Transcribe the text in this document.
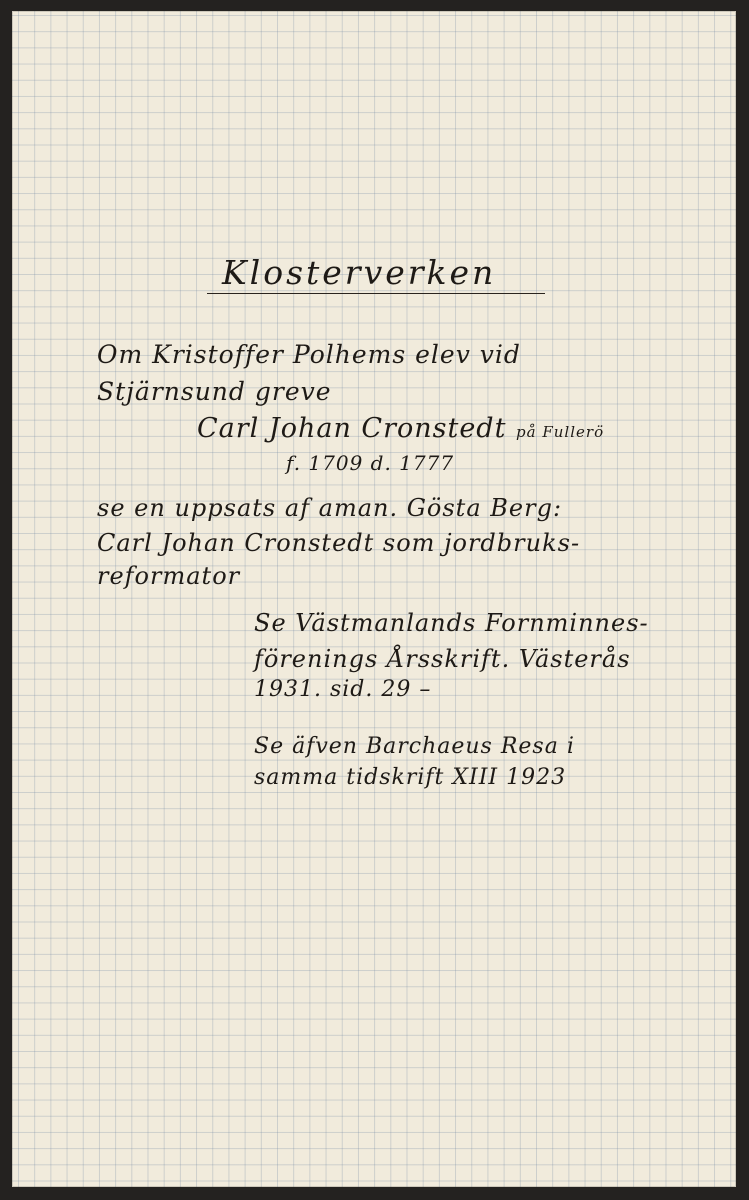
Klosterverken
Om Kristoffer Polhems elev vid
Stjärnsund greve
Carl Johan Cronstedt på Fullerö
f. 1709 d. 1777
se en uppsats af aman. Gösta Berg:
Carl Johan Cronstedt som jordbruks-
reformator
Se Västmanlands Fornminnes-
förenings Årsskrift. Västerås
1931. sid. 29 –
Se äfven Barchaeus Resa i
samma tidskrift XIII 1923
